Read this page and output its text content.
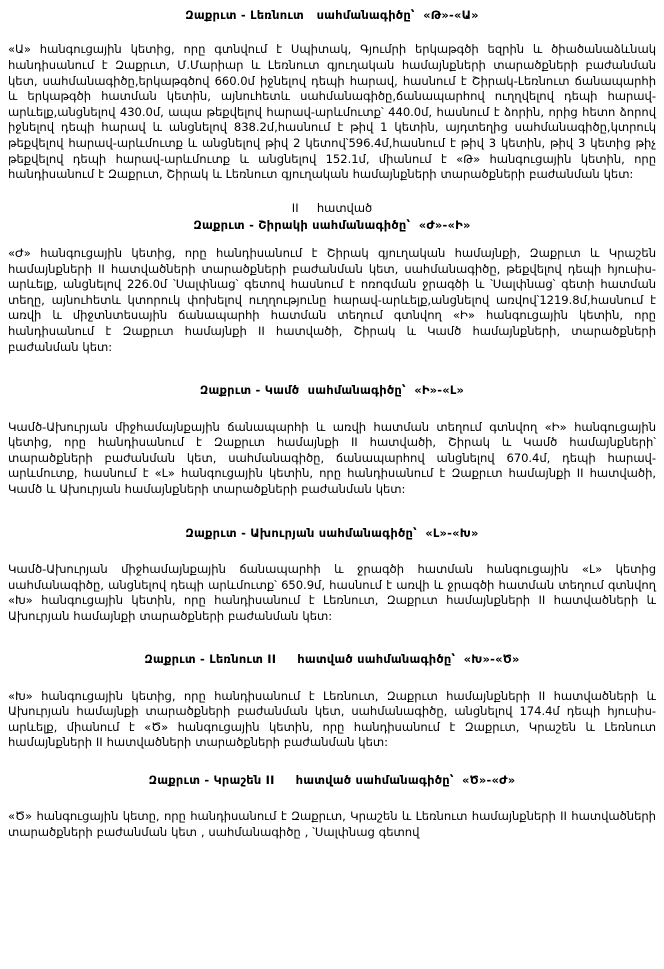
Զաքրւտ - Լեռնուտ   սահմանագիծը՝  «Թ»-«Ա»
«Ա» հանգուցային կետից, որը գտնվում է Սպիտակ, Գյումրի երկաթգծի եզրին և ծիածանաձևնակ հանդիսանում է Զաքրւտ, Մ.Մարիար և Լեռնուտ գյուղական համայնքների տարածքների բաժանման կետ, սահմանագիծը,երկաթգծով 660.0մ իջնելով դեպի հարավ, հասնում է Շիրակ-Լեռնուտ ճանապարհի և երկաթգծի հատման կետին, այնուհետև սահմանագիծը,ճանապարհով ուղղվելով դեպի հարավ-արևելք,անցնելով 430.0մ, ապա թեքվելով հարավ-արևմուտք՝ 440.0մ, հասնում է ձորին, որից հետո ձորով իջնելով դեպի հարավ և անցնելով 838.2մ,հասնում է թիվ 1 կետին, այդտեղից սահմանագիծը,կտրուկ թեքվելով հարավ-արևմուտք և անցնելով թիվ 2 կետով՝596.4մ,հասնում է թիվ 3 կետին, թիվ 3 կետից թիչ թեքվելով դեպի հարավ-արևմուտք և անցնելով 152.1մ, միանում է «Թ» հանգուցային կետին, որը հանդիսանում է Զաքրւտ, Շիրակ և Լեռնուտ գյուղական համայնքների տարածքների բաժանման կետ:
II     հատված
Զաքրւտ - Շիրակի սահմանագիծը՝  «Ժ»-«Ի»
«Ժ» հանգուցային կետից, որը հանդիսանում է Շիրակ գյուղական համայնքի, Զաքրւտ և Կրաշեն համայնքների II հատվածների տարածքների բաժանման կետ, սահմանագիծը, թեքվելով դեպի հյուսիս-արևելք, անցնելով 226.0մ ՝Սալփնաց՝ գետով հասնում է ոռոգման ջրագծի և ՝Սալփնաց՝ գետի հատման տեղը, այնուհետև կտորուկ փոխելով ուղղությունը հարավ-արևելք,անցնելով առվով՝1219.8մ,հասնում է առվի և միջտնտեսային ճանապարհի հատման տեղում գտնվող «Ի» հանգուցային կետին, որը հանդիսանում է Զաքրւտ համայնքի II հատվածի, Շիրակ և Կամծ համայնքների, տարածքների բաժանման կետ:
Զաքրւտ - Կամծ  սահմանագիծը՝  «Ի»-«Լ»
Կամծ-Ախուրյան միջհամայնքային ճանապարհի և առվի հատման տեղում գտնվող «Ի» հանգուցային կետից, որը հանդիսանում է Զաքրւտ համայնքի II հատվածի, Շիրակ և Կամծ համայնքների՝ տարածքների բաժանման կետ, սահմանագիծը, ճանապարհով անցնելով 670.4մ, դեպի հարավ-արևմուտք, հասնում է «Լ» հանգուցային կետին, որը հանդիսանում է Զաքրւտ համայնքի II հատվածի, Կամծ և Ախուրյան համայնքների տարածքների բաժանման կետ:
Զաքրւտ - Ախուրյան սահմանագիծը՝  «Լ»-«Խ»
Կամծ-Ախուրյան միջհամայնքային ճանապարհի և ջրագծի հատման հանգուցային «Լ» կետից սահմանագիծը, անցնելով դեպի արևմուտք՝ 650.9մ, հասնում է առվի և ջրագծի հատման տեղում գտնվող «Խ» հանգուցային կետին, որը հանդիսանում է Լեռնուտ, Զաքրւտ համայնքների II հատվածների և Ախուրյան համայնքի տարածքների բաժանման կետ:
Զաքրւտ - Լեռնուտ II     հատված սահմանագիծը՝  «Խ»-«Ծ»
«Խ» հանգուցային կետից, որը հանդիսանում է Լեռնուտ, Զաքրւտ համայնքների II հատվածների և Ախուրյան համայնքի տարածքների բաժանման կետ, սահմանագիծը, անցնելով 174.4մ դեպի հյուսիս-արևելք, միանում է «Ծ» հանգուցային կետին, որը հանդիսանում է Զաքրւտ, Կրաշեն և Լեռնուտ համայնքների II հատվածների տարածքների բաժանման կետ:
Զաքրւտ - Կրաշեն II     հատված սահմանագիծը՝  «Ծ»-«Ժ»
«Ծ» հանգուցային կետը, որը հանդիսանում է Զաքրւտ, Կրաշեն և Լեռնուտ համայնքների II հատվածների տարածքների բաժանման կետ , սահմանագիծը , ՝Սալփնաց գետով
